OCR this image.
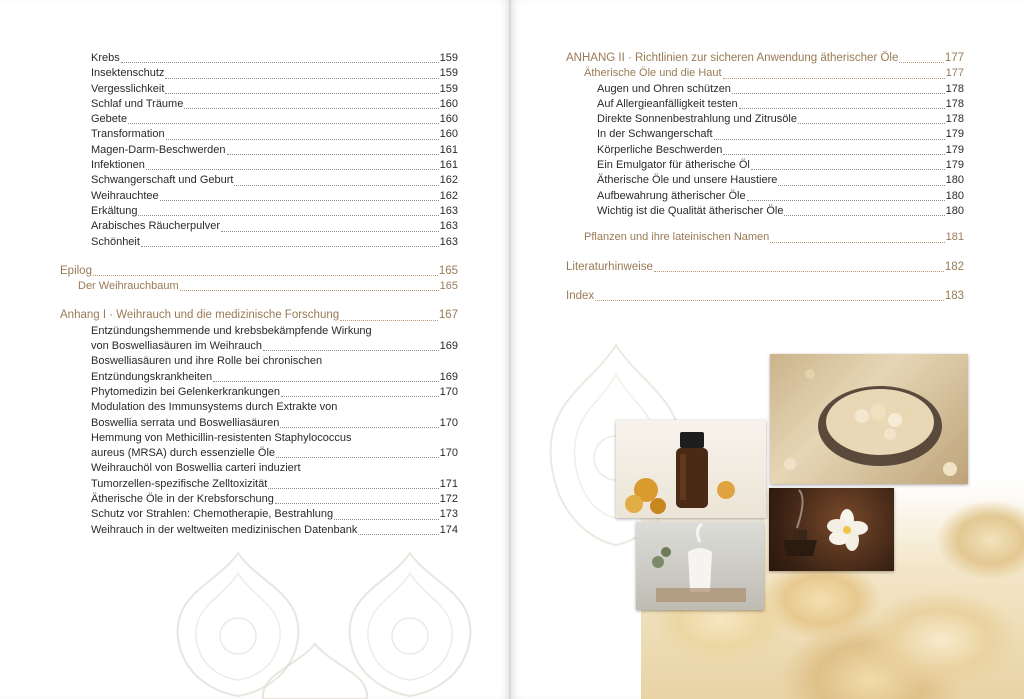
Krebs	159
Insektenschutz	159
Vergesslichkeit	159
Schlaf und Träume	160
Gebete	160
Transformation	160
Magen-Darm-Beschwerden	161
Infektionen	161
Schwangerschaft und Geburt	162
Weihrauchtee	162
Erkältung	163
Arabisches Räucherpulver	163
Schönheit	163
Epilog	165
Der Weihrauchbaum	165
Anhang I · Weihrauch und die medizinische Forschung	167
Entzündungshemmende und krebsbekämpfende Wirkung
von Boswelliasäuren im Weihrauch	169
Boswelliasäuren und ihre Rolle bei chronischen
Entzündungskrankheiten	169
Phytomedizin bei Gelenkerkrankungen	170
Modulation des Immunsystems durch Extrakte von
Boswellia serrata und Boswelliasäuren	170
Hemmung von Methicillin-resistenten Staphylococcus
aureus (MRSA) durch essenzielle Öle	170
Weihrauchöl von Boswellia carteri induziert
Tumorzellen-spezifische Zelltoxizität	171
Ätherische Öle in der Krebsforschung	172
Schutz vor Strahlen: Chemotherapie, Bestrahlung	173
Weihrauch in der weltweiten medizinischen Datenbank	174
ANHANG II · Richtlinien zur sicheren Anwendung ätherischer Öle	177
Ätherische Öle und die Haut	177
Augen und Ohren schützen	178
Auf Allergieanfälligkeit testen	178
Direkte Sonnenbestrahlung und Zitrusöle	178
In der Schwangerschaft	179
Körperliche Beschwerden	179
Ein Emulgator für ätherische Öl	179
Ätherische Öle und unsere Haustiere	180
Aufbewahrung ätherischer Öle	180
Wichtig ist die Qualität ätherischer Öle	180
Pflanzen und ihre lateinischen Namen	181
Literaturhinweise	182
Index	183
